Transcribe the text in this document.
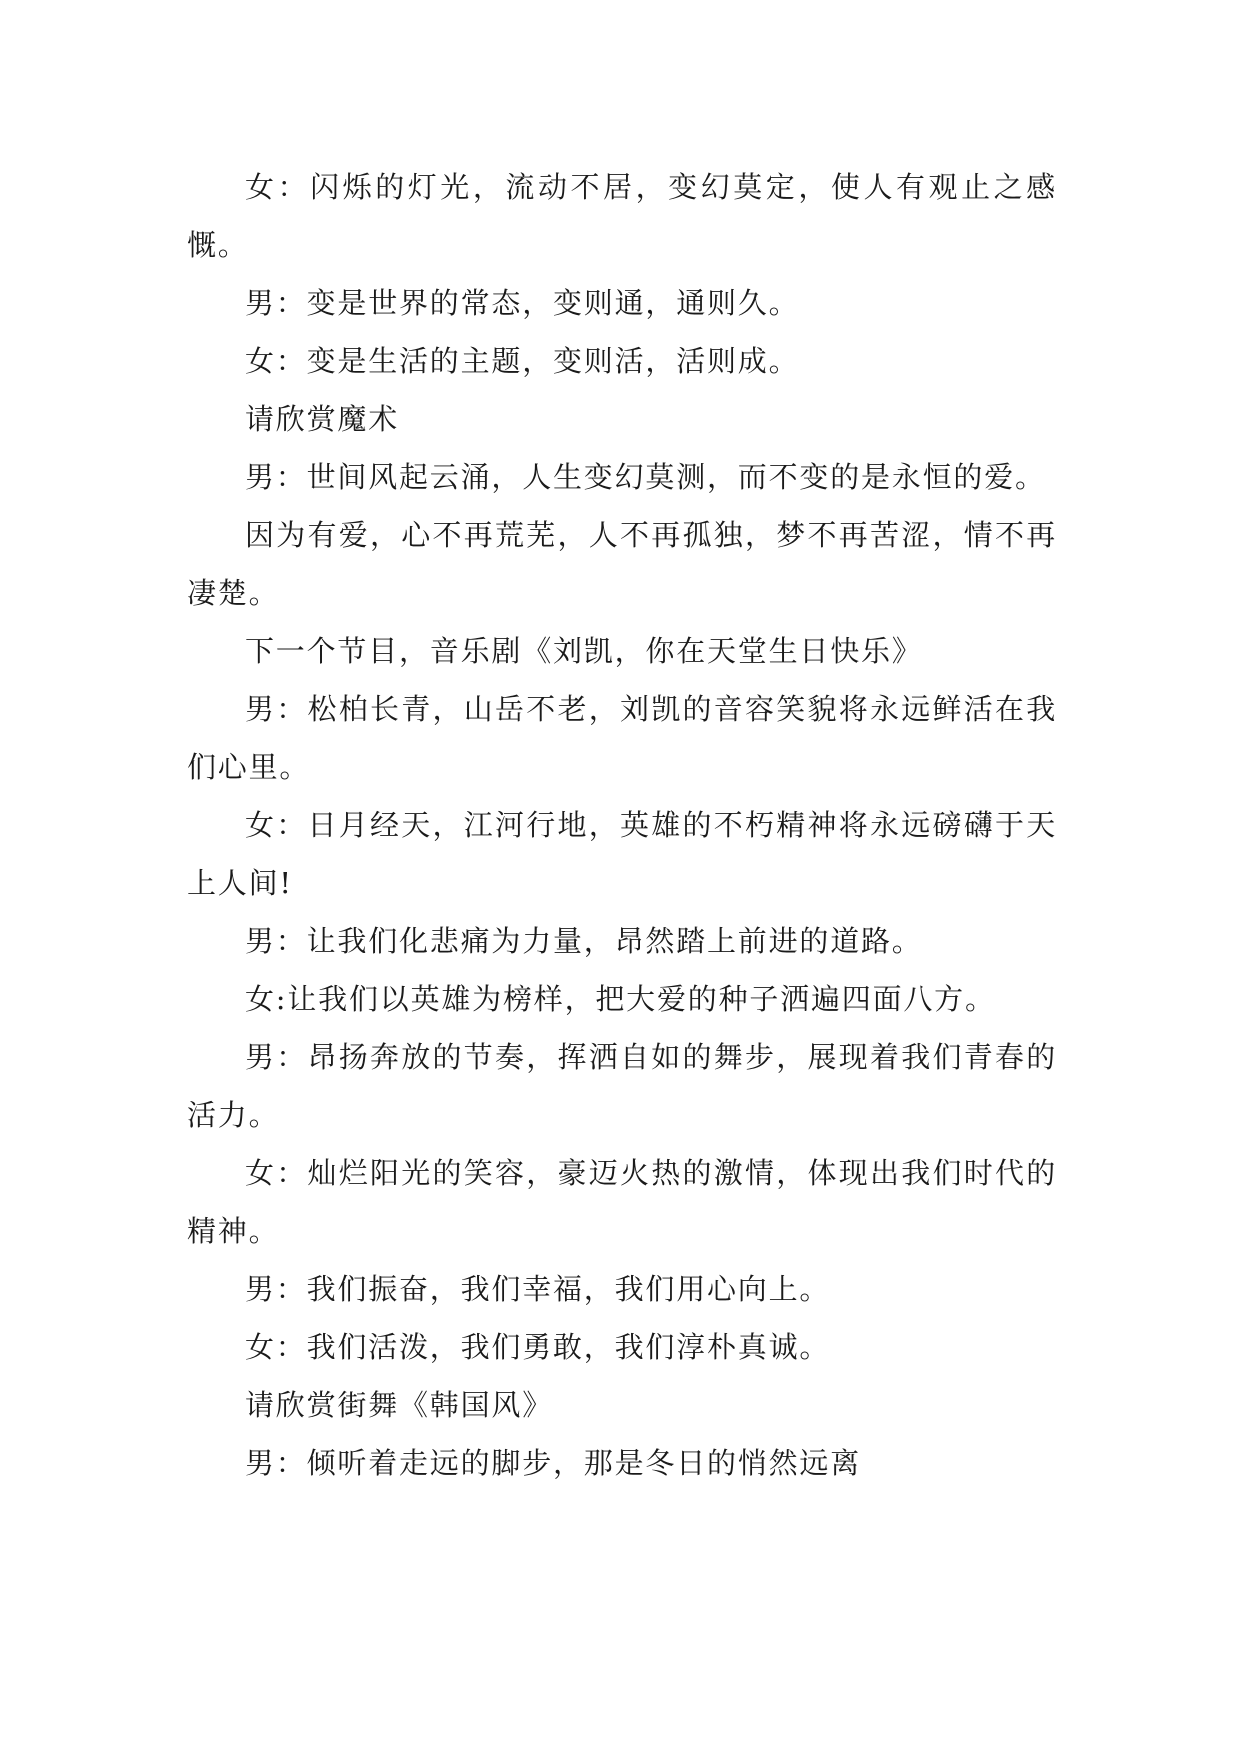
女：闪烁的灯光，流动不居，变幻莫定，使人有观止之感慨。

男：变是世界的常态，变则通，通则久。

女：变是生活的主题，变则活，活则成。

请欣赏魔术

男：世间风起云涌，人生变幻莫测，而不变的是永恒的爱。

因为有爱，心不再荒芜，人不再孤独，梦不再苦涩，情不再凄楚。

下一个节目，音乐剧《刘凯，你在天堂生日快乐》

男：松柏长青，山岳不老，刘凯的音容笑貌将永远鲜活在我们心里。

女：日月经天，江河行地，英雄的不朽精神将永远磅礴于天上人间!

男：让我们化悲痛为力量，昂然踏上前进的道路。

女:让我们以英雄为榜样，把大爱的种子洒遍四面八方。

男：昂扬奔放的节奏，挥洒自如的舞步，展现着我们青春的活力。

女：灿烂阳光的笑容，豪迈火热的激情，体现出我们时代的精神。

男：我们振奋，我们幸福，我们用心向上。

女：我们活泼，我们勇敢，我们淳朴真诚。

请欣赏街舞《韩国风》

男：倾听着走远的脚步，那是冬日的悄然远离
